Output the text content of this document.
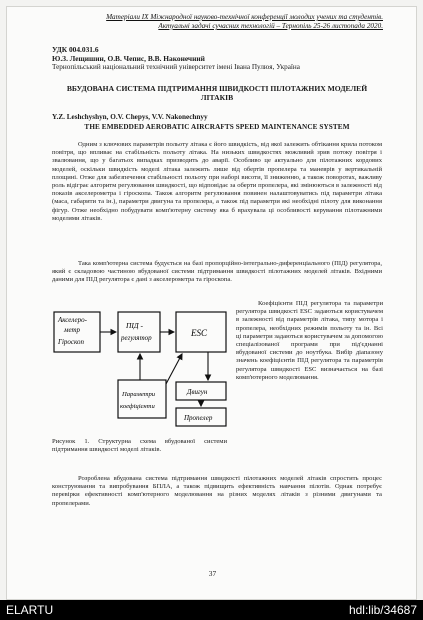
Матеріали IX Міжнародної науково-технічної конференції молодих учених та студентів.
Актуальні задачі сучасних технологій – Тернопіль 25-26 листопада 2020.
УДК 004.031.6
Ю.З. Лещишин, О.В. Чепис, В.В. Наконечний
Тернопільський національний технічний університет імені Івана Пулюя, Україна
ВБУДОВАНА СИСТЕМА ПІДТРИМАННЯ ШВИДКОСТІ ПІЛОТАЖНИХ МОДЕЛЕЙ ЛІТАКІВ
Y.Z. Leshchyshyn, O.V. Chepys, V.V. Nakonechnyy
THE EMBEDDED AEROBATIC AIRCRAFTS SPEED MAINTENANCE SYSTEM
Одним з ключових параметрів польоту літака є його швидкість, від якої залежить обтікання крила потоком повітря, що впливає на стабільність польоту літака. На низьких швидкостях можливий зрив потоку повітря і звалювання, що у багатьох випадках призводить до аварії. Особливо це актуально для пілотажних кордових моделей, оскільки швидкість моделі літака залежить лише від обертів пропелера та маневрів у вертикальній площині. Отже для забезпечення стабільності польоту при наборі висоти, її зниженню, а також поворотах, важливу роль відіграє алгоритм регулювання швидкості, що відповідає за оберти пропелера, які змінюються в залежності від показів акселерометра і гіроскопа. Також алгоритм регулювання повинен налаштовуватись під параметри літака (маса, габарити та ін.), параметри двигуна та пропелера, а також під параметри які необхідні пілоту для виконання фігур. Отже необхідно побудувати комп'ютерну систему яка б врахувала ці особливості керування пілотажними моделями літаків.
Така комп'ютерна система будується на базі пропорційно-інтегрально-диференціального (ПІД) регулятора, який є складовою частиною вбудованої системи підтримання швидкості пілотажних моделей літаків. Вхідними даними для ПІД регулятора є дані з акселерометра та гіроскопа.
Акселеро-
метр
Гіроскоп
ПІД -
регулятор	ESC
Параметри
коефіцієнти
Двигун
Пропелер
Коефіцієнти ПІД регулятора та параметри регулятора швидкості ESC задаються користувачем в залежності від параметрів літака, типу мотора і пропелера, необхідних режимів польоту та ін. Всі ці параметри задаються користувачем за допомогою спеціалізованої програми при під'єднанні вбудованої системи до ноутбука. Вибір діапазону значень коефіцієнтів ПІД регулятора та параметрів регулятора швидкості ESC визначається на базі комп'ютерного моделювання.
Рисунок 1. Структурна схема вбудованої системи підтримання швидкості моделі літаків.
Розроблена вбудована система підтримання швидкості пілотажних моделей літаків спростить процес конструювання та випробування БПЛА, а також підвищить ефективність навчання пілотів. Однак потребує перевірки ефективності комп'ютерного моделювання на різних моделях літаків з різними двигунами та пропелерами.
37
ELARTU	hdl:lib/34687
